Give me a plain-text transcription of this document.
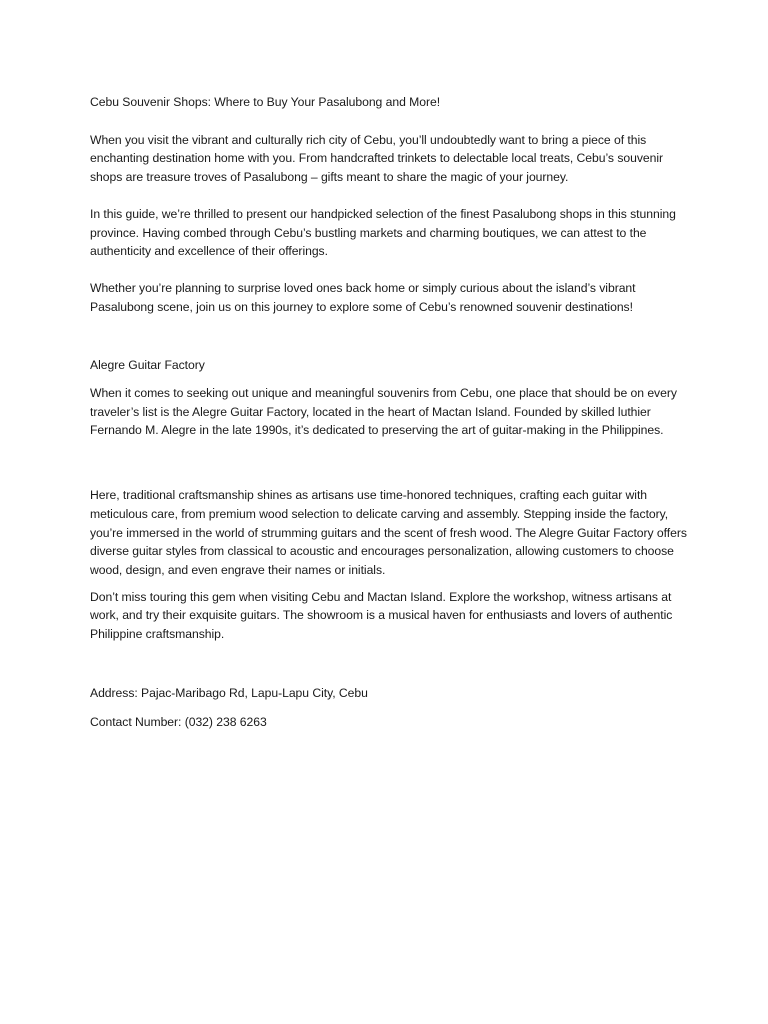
Cebu Souvenir Shops: Where to Buy Your Pasalubong and More!

When you visit the vibrant and culturally rich city of Cebu, you’ll undoubtedly want to bring a piece of this enchanting destination home with you. From handcrafted trinkets to delectable local treats, Cebu’s souvenir shops are treasure troves of Pasalubong – gifts meant to share the magic of your journey.

In this guide, we’re thrilled to present our handpicked selection of the finest Pasalubong shops in this stunning province. Having combed through Cebu’s bustling markets and charming boutiques, we can attest to the authenticity and excellence of their offerings.

Whether you’re planning to surprise loved ones back home or simply curious about the island’s vibrant Pasalubong scene, join us on this journey to explore some of Cebu’s renowned souvenir destinations!

Alegre Guitar Factory

When it comes to seeking out unique and meaningful souvenirs from Cebu, one place that should be on every traveler’s list is the Alegre Guitar Factory, located in the heart of Mactan Island. Founded by skilled luthier Fernando M. Alegre in the late 1990s, it’s dedicated to preserving the art of guitar-making in the Philippines.

Here, traditional craftsmanship shines as artisans use time-honored techniques, crafting each guitar with meticulous care, from premium wood selection to delicate carving and assembly. Stepping inside the factory, you’re immersed in the world of strumming guitars and the scent of fresh wood. The Alegre Guitar Factory offers diverse guitar styles from classical to acoustic and encourages personalization, allowing customers to choose wood, design, and even engrave their names or initials.

Don’t miss touring this gem when visiting Cebu and Mactan Island. Explore the workshop, witness artisans at work, and try their exquisite guitars. The showroom is a musical haven for enthusiasts and lovers of authentic Philippine craftsmanship.

Address: Pajac-Maribago Rd, Lapu-Lapu City, Cebu

Contact Number: (032) 238 6263
